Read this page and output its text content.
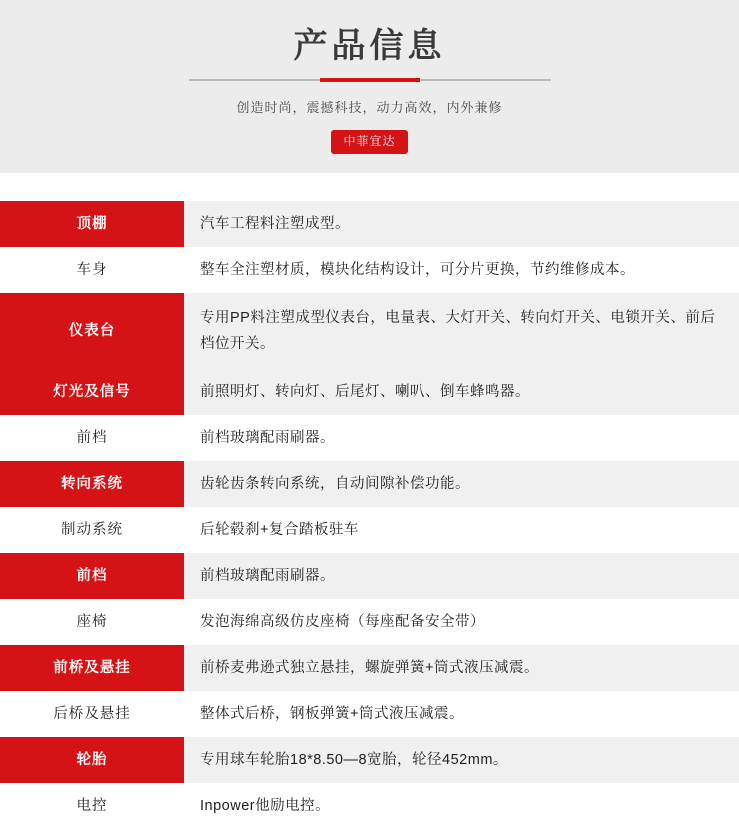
产品信息
创造时尚，震撼科技，动力高效，内外兼修
中菲宜达
顶棚	汽车工程料注塑成型。
车身	整车全注塑材质，模块化结构设计，可分片更换，节约维修成本。
仪表台	专用PP料注塑成型仪表台，电量表、大灯开关、转向灯开关、电锁开关、前后档位开关。
灯光及信号	前照明灯、转向灯、后尾灯、喇叭、倒车蜂鸣器。
前档	前档玻璃配雨刷器。
转向系统	齿轮齿条转向系统，自动间隙补偿功能。
制动系统	后轮毂刹+复合踏板驻车
前档	前档玻璃配雨刷器。
座椅	发泡海绵高级仿皮座椅（每座配备安全带）
前桥及悬挂	前桥麦弗逊式独立悬挂，螺旋弹簧+筒式液压减震。
后桥及悬挂	整体式后桥，钢板弹簧+筒式液压减震。
轮胎	专用球车轮胎18*8.50—8宽胎，轮径452mm。
电控	Inpower他励电控。
